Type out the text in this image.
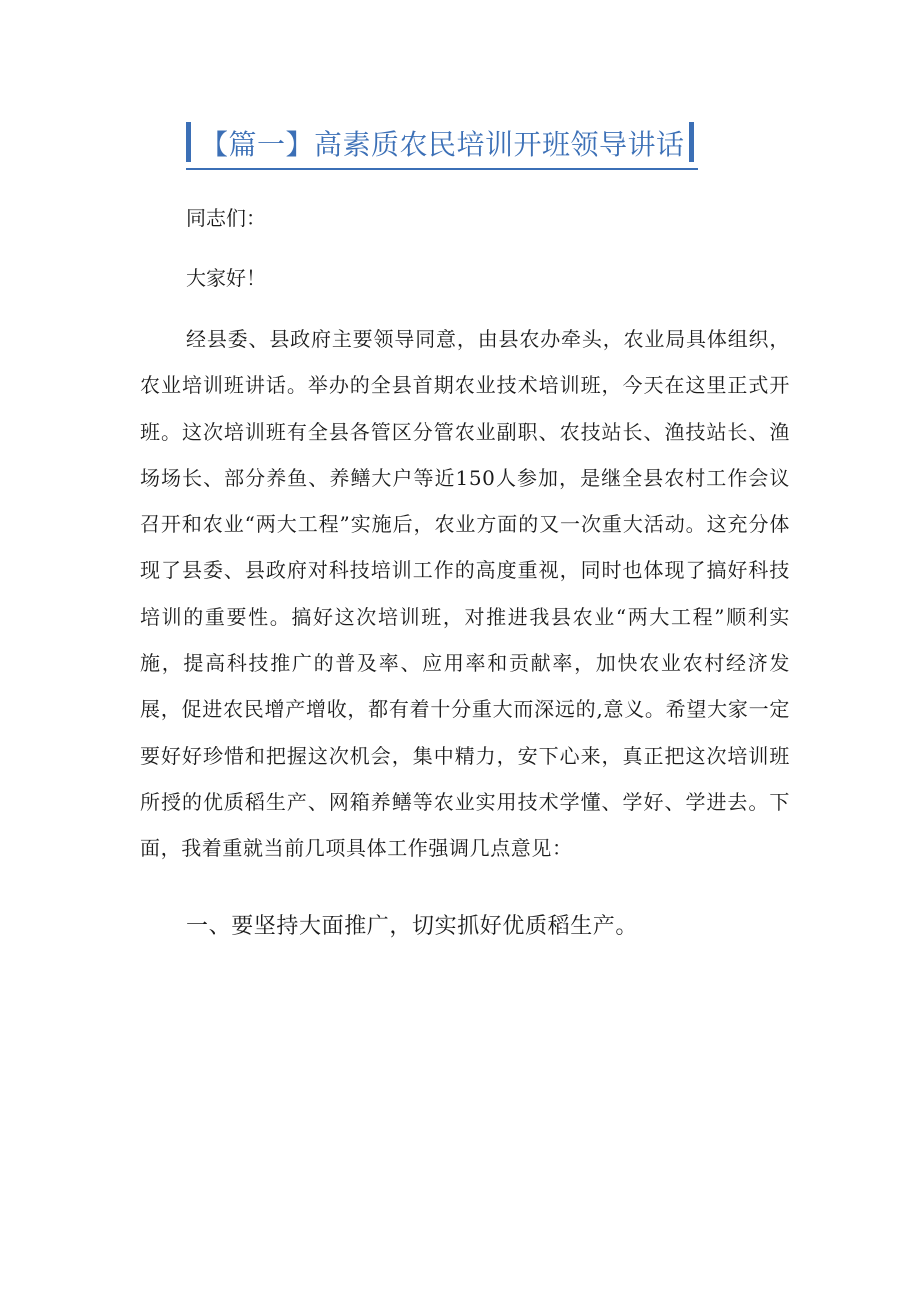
【篇一】高素质农民培训开班领导讲话
同志们：
大家好！
经县委、县政府主要领导同意，由县农办牵头，农业局具体组织，农业培训班讲话。举办的全县首期农业技术培训班，今天在这里正式开班。这次培训班有全县各管区分管农业副职、农技站长、渔技站长、渔场场长、部分养鱼、养鳝大户等近150人参加，是继全县农村工作会议召开和农业“两大工程”实施后，农业方面的又一次重大活动。这充分体现了县委、县政府对科技培训工作的高度重视，同时也体现了搞好科技培训的重要性。搞好这次培训班，对推进我县农业“两大工程”顺利实施，提高科技推广的普及率、应用率和贡献率，加快农业农村经济发展，促进农民增产增收，都有着十分重大而深远的,意义。希望大家一定要好好珍惜和把握这次机会，集中精力，安下心来，真正把这次培训班所授的优质稻生产、网箱养鳝等农业实用技术学懂、学好、学进去。下面，我着重就当前几项具体工作强调几点意见：
一、要坚持大面推广，切实抓好优质稻生产。
